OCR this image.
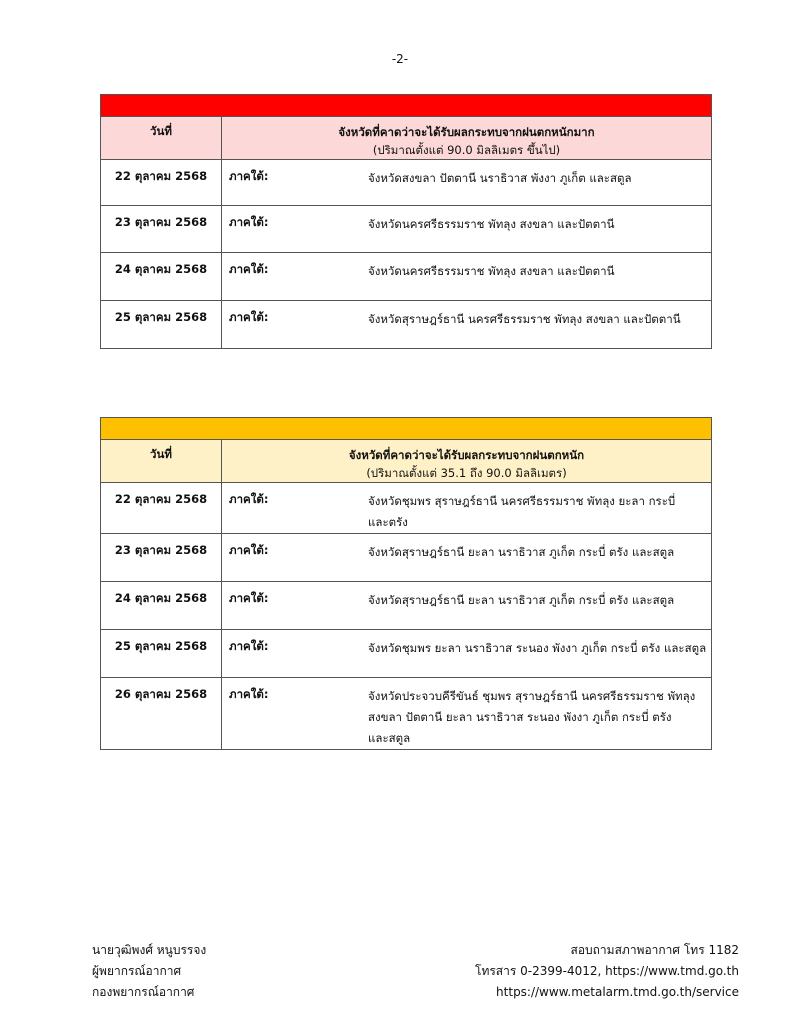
-2-

วันที่	จังหวัดที่คาดว่าจะได้รับผลกระทบจากฝนตกหนักมาก
(ปริมาณตั้งแต่ 90.0 มิลลิเมตร ขึ้นไป)

22 ตุลาคม 2568	ภาคใต้: จังหวัดสงขลา ปัตตานี นราธิวาส พังงา ภูเก็ต และสตูล

23 ตุลาคม 2568	ภาคใต้: จังหวัดนครศรีธรรมราช พัทลุง สงขลา และปัตตานี

24 ตุลาคม 2568	ภาคใต้: จังหวัดนครศรีธรรมราช พัทลุง สงขลา และปัตตานี

25 ตุลาคม 2568	ภาคใต้: จังหวัดสุราษฎร์ธานี นครศรีธรรมราช พัทลุง สงขลา และปัตตานี

วันที่	จังหวัดที่คาดว่าจะได้รับผลกระทบจากฝนตกหนัก
(ปริมาณตั้งแต่ 35.1 ถึง 90.0 มิลลิเมตร)

22 ตุลาคม 2568	ภาคใต้: จังหวัดชุมพร สุราษฎร์ธานี นครศรีธรรมราช พัทลุง ยะลา กระบี่
และตรัง

23 ตุลาคม 2568	ภาคใต้: จังหวัดสุราษฎร์ธานี ยะลา นราธิวาส ภูเก็ต กระบี่ ตรัง และสตูล

24 ตุลาคม 2568	ภาคใต้: จังหวัดสุราษฎร์ธานี ยะลา นราธิวาส ภูเก็ต กระบี่ ตรัง และสตูล

25 ตุลาคม 2568	ภาคใต้: จังหวัดชุมพร ยะลา นราธิวาส ระนอง พังงา ภูเก็ต กระบี่ ตรัง และสตูล

26 ตุลาคม 2568	ภาคใต้: จังหวัดประจวบคีรีขันธ์ ชุมพร สุราษฎร์ธานี นครศรีธรรมราช พัทลุง
สงขลา ปัตตานี ยะลา นราธิวาส ระนอง พังงา ภูเก็ต กระบี่ ตรัง
และสตูล
นายวุฒิพงศ์ หนูบรรจง
ผู้พยากรณ์อากาศ
กองพยากรณ์อากาศ
สอบถามสภาพอากาศ โทร 1182
โทรสาร 0-2399-4012, https://www.tmd.go.th
https://www.metalarm.tmd.go.th/service
